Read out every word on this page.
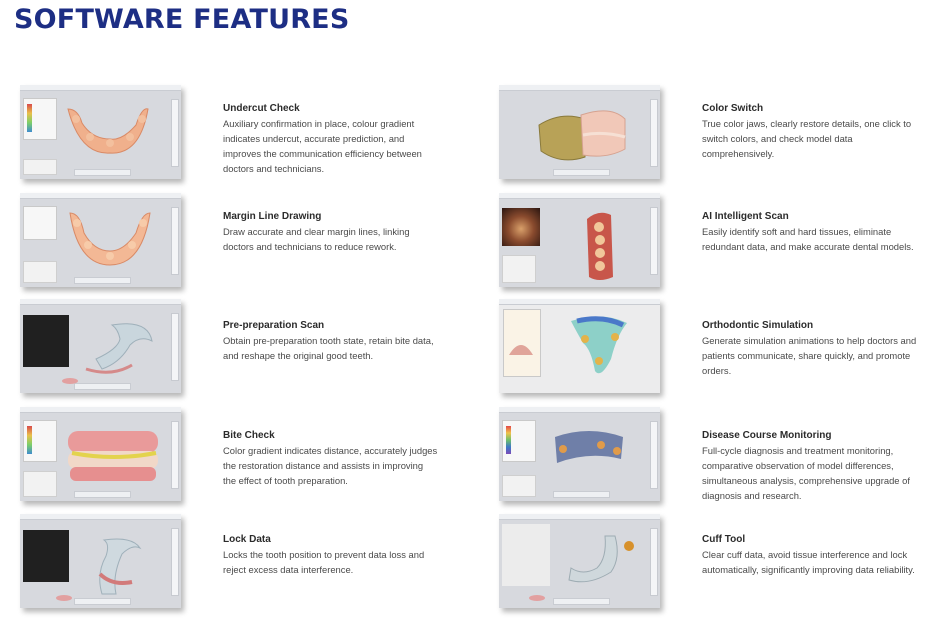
SOFTWARE FEATURES

Undercut Check

Auxiliary confirmation in place, colour gradient indicates undercut, accurate prediction, and improves the communication efficiency between doctors and technicians.

Margin Line Drawing

Draw accurate and clear margin lines, linking doctors and technicians to reduce rework.

Pre-preparation Scan

Obtain pre-preparation tooth state, retain bite data, and reshape the original good teeth.

Bite Check

Color gradient indicates distance, accurately judges the restoration distance and assists in improving the effect of tooth preparation.

Lock Data

Locks the tooth position to prevent data loss and reject excess data interference.

Color Switch

True color jaws, clearly restore details, one click to switch colors, and check model data comprehensively.

AI Intelligent Scan

Easily identify soft and hard tissues, eliminate redundant data, and make accurate dental models.

Orthodontic Simulation

Generate simulation animations to help doctors and patients communicate, share quickly, and promote orders.

Disease Course Monitoring

Full-cycle diagnosis and treatment monitoring, comparative observation of model differences, simultaneous analysis, comprehensive upgrade of diagnosis and research.

Cuff Tool

Clear cuff data, avoid tissue interference and lock automatically, significantly improving data reliability.
